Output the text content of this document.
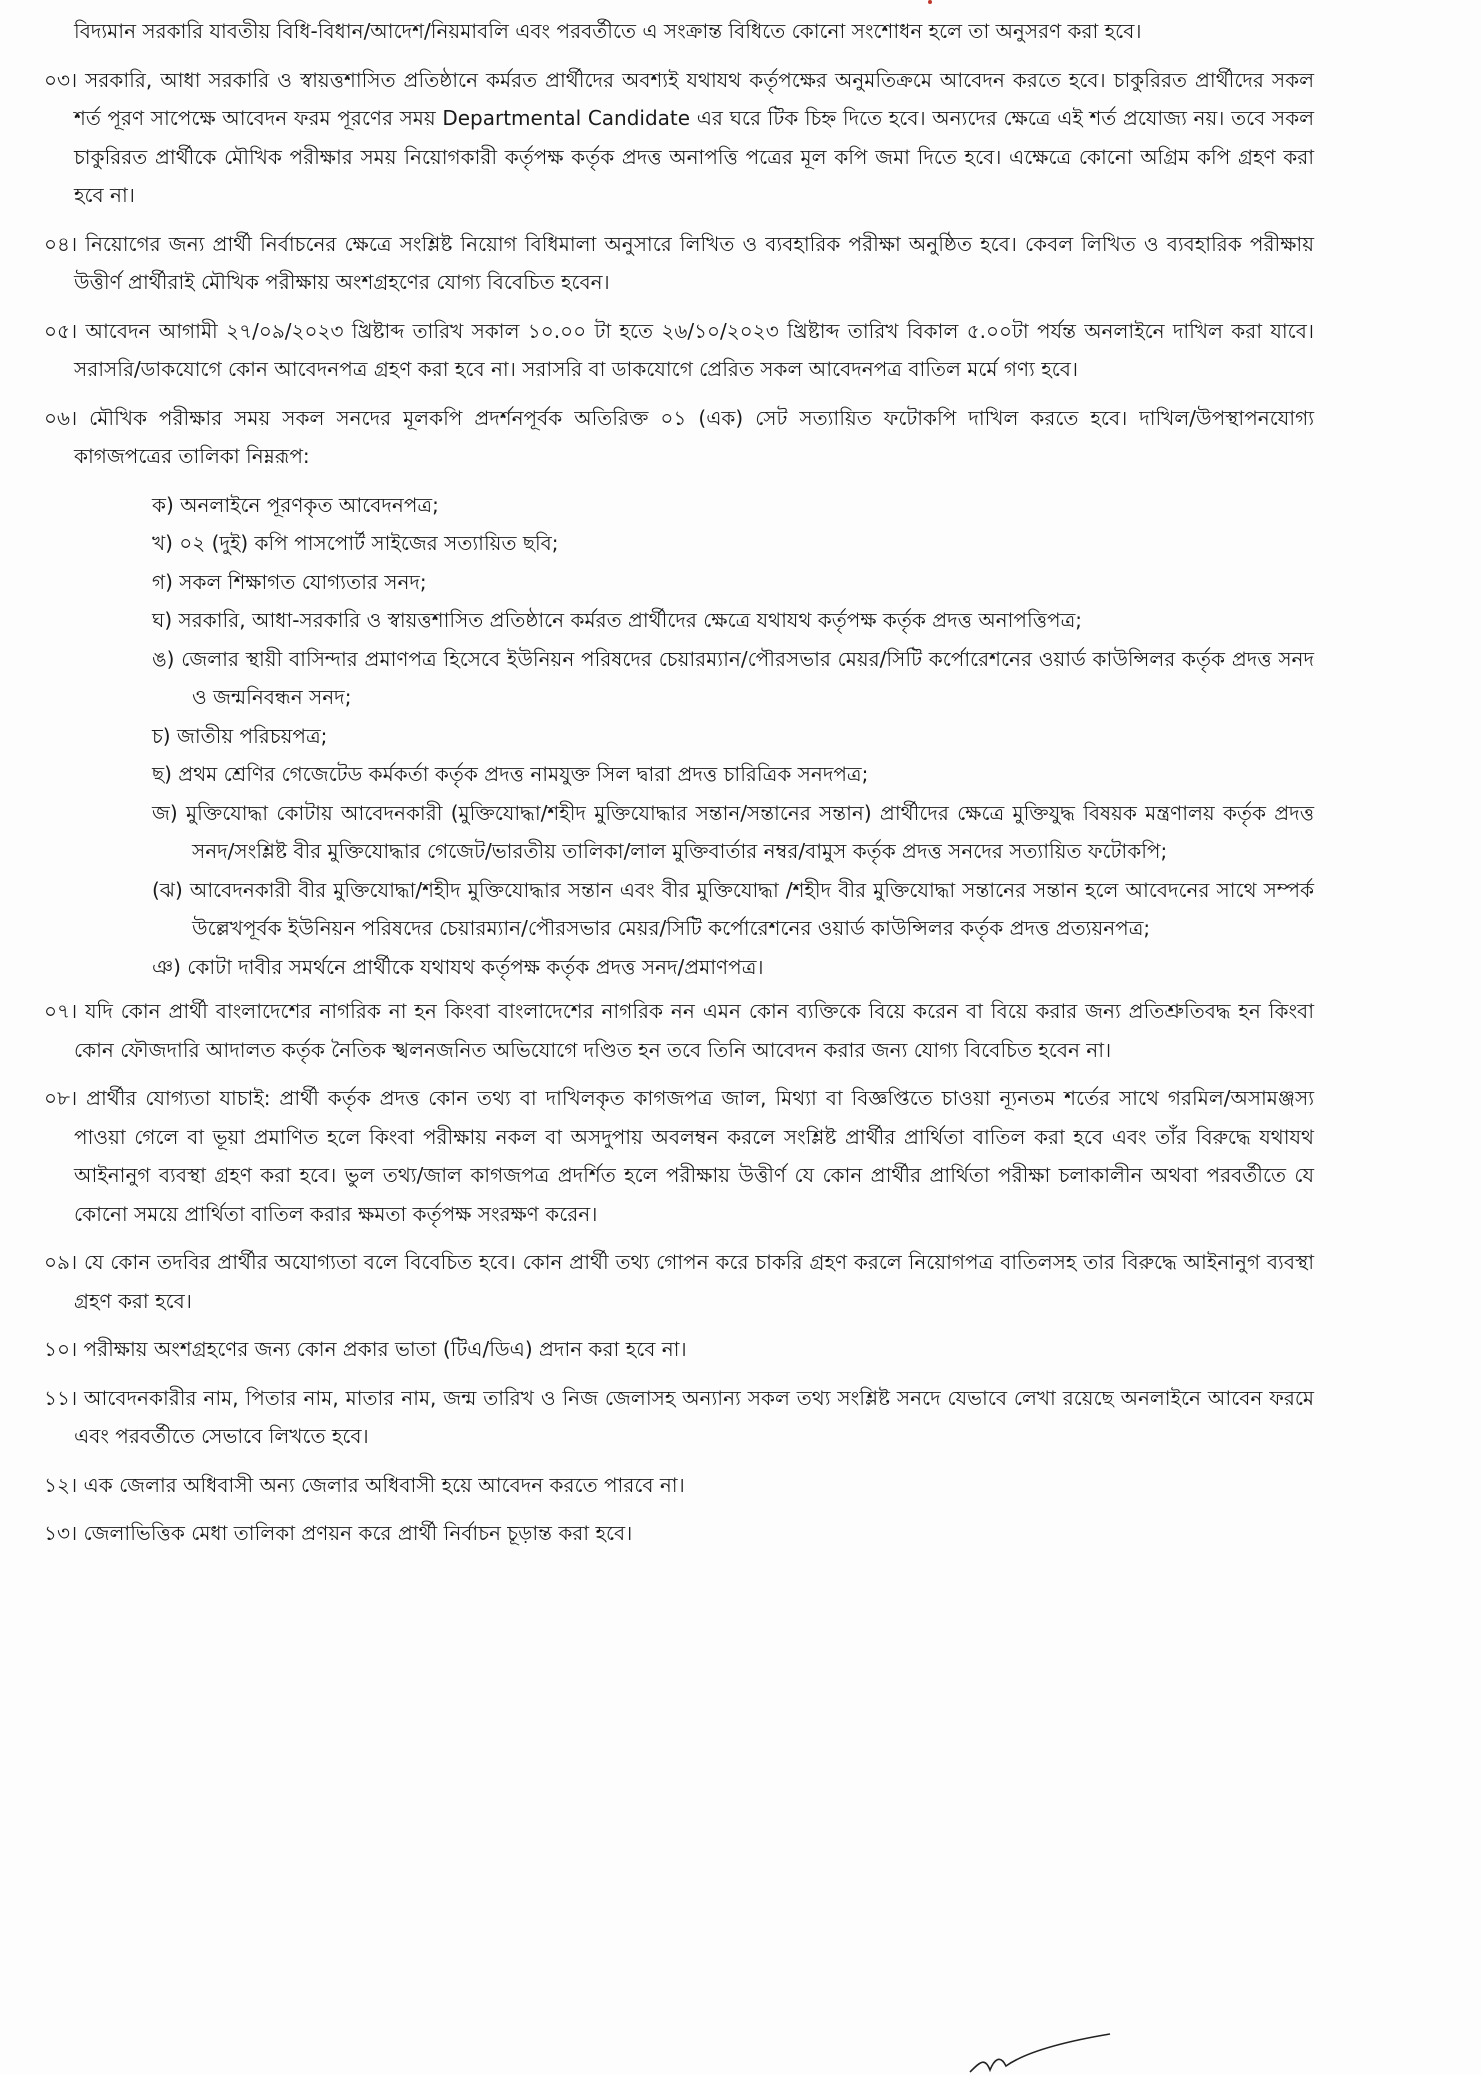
বিদ্যমান সরকারি যাবতীয় বিধি-বিধান/আদেশ/নিয়মাবলি এবং পরবর্তীতে এ সংক্রান্ত বিধিতে কোনো সংশোধন হলে তা অনুসরণ করা হবে।

০৩। সরকারি, আধা সরকারি ও স্বায়ত্তশাসিত প্রতিষ্ঠানে কর্মরত প্রার্থীদের অবশ্যই যথাযথ কর্তৃপক্ষের অনুমতিক্রমে আবেদন করতে হবে। চাকুরিরত প্রার্থীদের সকল শর্ত পূরণ সাপেক্ষে আবেদন ফরম পূরণের সময় Departmental Candidate এর ঘরে টিক চিহ্ন দিতে হবে। অন্যদের ক্ষেত্রে এই শর্ত প্রযোজ্য নয়। তবে সকল চাকুরিরত প্রার্থীকে মৌখিক পরীক্ষার সময় নিয়োগকারী কর্তৃপক্ষ কর্তৃক প্রদত্ত অনাপত্তি পত্রের মূল কপি জমা দিতে হবে। এক্ষেত্রে কোনো অগ্রিম কপি গ্রহণ করা হবে না।

০৪। নিয়োগের জন্য প্রার্থী নির্বাচনের ক্ষেত্রে সংশ্লিষ্ট নিয়োগ বিধিমালা অনুসারে লিখিত ও ব্যবহারিক পরীক্ষা অনুষ্ঠিত হবে। কেবল লিখিত ও ব্যবহারিক পরীক্ষায় উত্তীর্ণ প্রার্থীরাই মৌখিক পরীক্ষায় অংশগ্রহণের যোগ্য বিবেচিত হবেন।

০৫। আবেদন আগামী ২৭/০৯/২০২৩ খ্রিষ্টাব্দ তারিখ সকাল ১০.০০ টা হতে ২৬/১০/২০২৩ খ্রিষ্টাব্দ তারিখ বিকাল ৫.০০টা পর্যন্ত অনলাইনে দাখিল করা যাবে। সরাসরি/ডাকযোগে কোন আবেদনপত্র গ্রহণ করা হবে না। সরাসরি বা ডাকযোগে প্রেরিত সকল আবেদনপত্র বাতিল মর্মে গণ্য হবে।

০৬। মৌখিক পরীক্ষার সময় সকল সনদের মূলকপি প্রদর্শনপূর্বক অতিরিক্ত ০১ (এক) সেট সত্যায়িত ফটোকপি দাখিল করতে হবে। দাখিল/উপস্থাপনযোগ্য কাগজপত্রের তালিকা নিম্নরূপ:

ক) অনলাইনে পূরণকৃত আবেদনপত্র;
খ) ০২ (দুই) কপি পাসপোর্ট সাইজের সত্যায়িত ছবি;
গ) সকল শিক্ষাগত যোগ্যতার সনদ;
ঘ) সরকারি, আধা-সরকারি ও স্বায়ত্তশাসিত প্রতিষ্ঠানে কর্মরত প্রার্থীদের ক্ষেত্রে যথাযথ কর্তৃপক্ষ কর্তৃক প্রদত্ত অনাপত্তিপত্র;
ঙ) জেলার স্থায়ী বাসিন্দার প্রমাণপত্র হিসেবে ইউনিয়ন পরিষদের চেয়ারম্যান/পৌরসভার মেয়র/সিটি কর্পোরেশনের ওয়ার্ড কাউন্সিলর কর্তৃক প্রদত্ত সনদ ও জন্মনিবন্ধন সনদ;
চ) জাতীয় পরিচয়পত্র;
ছ) প্রথম শ্রেণির গেজেটেড কর্মকর্তা কর্তৃক প্রদত্ত নামযুক্ত সিল দ্বারা প্রদত্ত চারিত্রিক সনদপত্র;
জ) মুক্তিযোদ্ধা কোটায় আবেদনকারী (মুক্তিযোদ্ধা/শহীদ মুক্তিযোদ্ধার সন্তান/সন্তানের সন্তান) প্রার্থীদের ক্ষেত্রে মুক্তিযুদ্ধ বিষয়ক মন্ত্রণালয় কর্তৃক প্রদত্ত সনদ/সংশ্লিষ্ট বীর মুক্তিযোদ্ধার গেজেট/ভারতীয় তালিকা/লাল মুক্তিবার্তার নম্বর/বামুস কর্তৃক প্রদত্ত সনদের সত্যায়িত ফটোকপি;
(ঝ) আবেদনকারী বীর মুক্তিযোদ্ধা/শহীদ মুক্তিযোদ্ধার সন্তান এবং বীর মুক্তিযোদ্ধা /শহীদ বীর মুক্তিযোদ্ধা সন্তানের সন্তান হলে আবেদনের সাথে সম্পর্ক উল্লেখপূর্বক ইউনিয়ন পরিষদের চেয়ারম্যান/পৌরসভার মেয়র/সিটি কর্পোরেশনের ওয়ার্ড কাউন্সিলর কর্তৃক প্রদত্ত প্রত্যয়নপত্র;
ঞ) কোটা দাবীর সমর্থনে প্রার্থীকে যথাযথ কর্তৃপক্ষ কর্তৃক প্রদত্ত সনদ/প্রমাণপত্র।

০৭। যদি কোন প্রার্থী বাংলাদেশের নাগরিক না হন কিংবা বাংলাদেশের নাগরিক নন এমন কোন ব্যক্তিকে বিয়ে করেন বা বিয়ে করার জন্য প্রতিশ্রুতিবদ্ধ হন কিংবা কোন ফৌজদারি আদালত কর্তৃক নৈতিক স্খলনজনিত অভিযোগে দণ্ডিত হন তবে তিনি আবেদন করার জন্য যোগ্য বিবেচিত হবেন না।

০৮। প্রার্থীর যোগ্যতা যাচাই: প্রার্থী কর্তৃক প্রদত্ত কোন তথ্য বা দাখিলকৃত কাগজপত্র জাল, মিথ্যা বা বিজ্ঞপ্তিতে চাওয়া ন্যূনতম শর্তের সাথে গরমিল/অসামঞ্জস্য পাওয়া গেলে বা ভূয়া প্রমাণিত হলে কিংবা পরীক্ষায় নকল বা অসদুপায় অবলম্বন করলে সংশ্লিষ্ট প্রার্থীর প্রার্থিতা বাতিল করা হবে এবং তাঁর বিরুদ্ধে যথাযথ আইনানুগ ব্যবস্থা গ্রহণ করা হবে। ভুল তথ্য/জাল কাগজপত্র প্রদর্শিত হলে পরীক্ষায় উত্তীর্ণ যে কোন প্রার্থীর প্রার্থিতা পরীক্ষা চলাকালীন অথবা পরবর্তীতে যে কোনো সময়ে প্রার্থিতা বাতিল করার ক্ষমতা কর্তৃপক্ষ সংরক্ষণ করেন।

০৯। যে কোন তদবির প্রার্থীর অযোগ্যতা বলে বিবেচিত হবে। কোন প্রার্থী তথ্য গোপন করে চাকরি গ্রহণ করলে নিয়োগপত্র বাতিলসহ তার বিরুদ্ধে আইনানুগ ব্যবস্থা গ্রহণ করা হবে।

১০। পরীক্ষায় অংশগ্রহণের জন্য কোন প্রকার ভাতা (টিএ/ডিএ) প্রদান করা হবে না।

১১। আবেদনকারীর নাম, পিতার নাম, মাতার নাম, জন্ম তারিখ ও নিজ জেলাসহ অন্যান্য সকল তথ্য সংশ্লিষ্ট সনদে যেভাবে লেখা রয়েছে অনলাইনে আবেন ফরমে এবং পরবর্তীতে সেভাবে লিখতে হবে।

১২। এক জেলার অধিবাসী অন্য জেলার অধিবাসী হয়ে আবেদন করতে পারবে না।

১৩। জেলাভিত্তিক মেধা তালিকা প্রণয়ন করে প্রার্থী নির্বাচন চূড়ান্ত করা হবে।
